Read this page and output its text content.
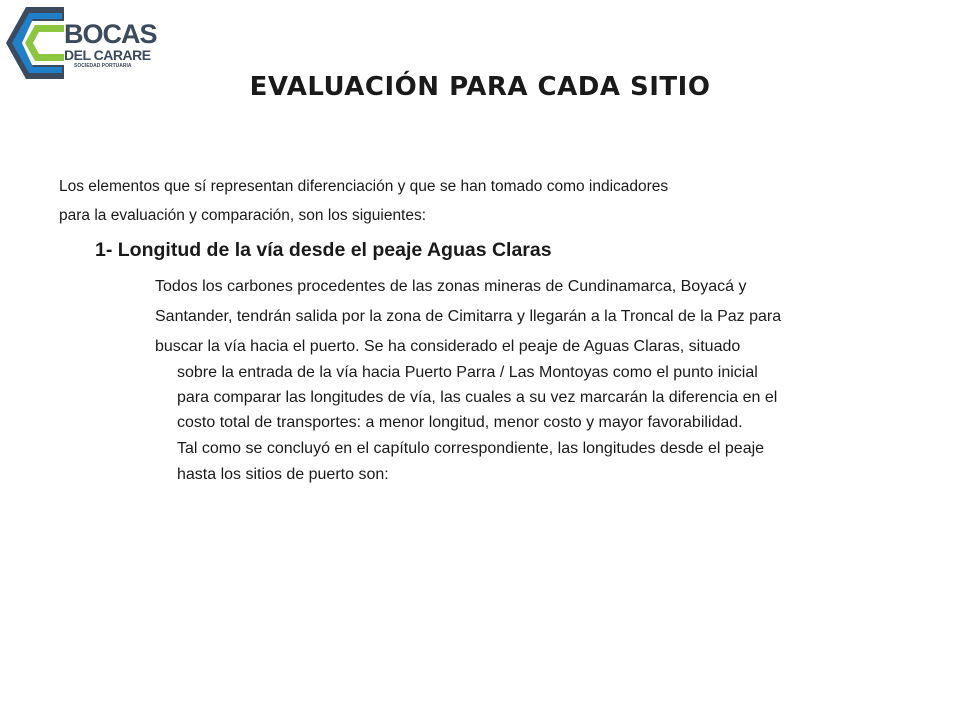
BOCAS
DEL CARARE
SOCIEDAD PORTUARIA
EVALUACIÓN PARA CADA SITIO
Los elementos que sí representan diferenciación y que se han tomado como indicadores
para la evaluación y comparación, son los siguientes:
1- Longitud de la vía desde el peaje Aguas Claras
Todos los carbones procedentes de las zonas mineras de Cundinamarca, Boyacá y
Santander, tendrán salida por la zona de Cimitarra y llegarán a la Troncal de la Paz para
buscar la vía hacia el puerto. Se ha considerado el peaje de Aguas Claras, situado
sobre la entrada de la vía hacia Puerto Parra / Las Montoyas como el punto inicial
para comparar las longitudes de vía, las cuales a su vez marcarán la diferencia en el
costo total de transportes: a menor longitud, menor costo y mayor favorabilidad.
Tal como se concluyó en el capítulo correspondiente, las longitudes desde el peaje
hasta los sitios de puerto son:
